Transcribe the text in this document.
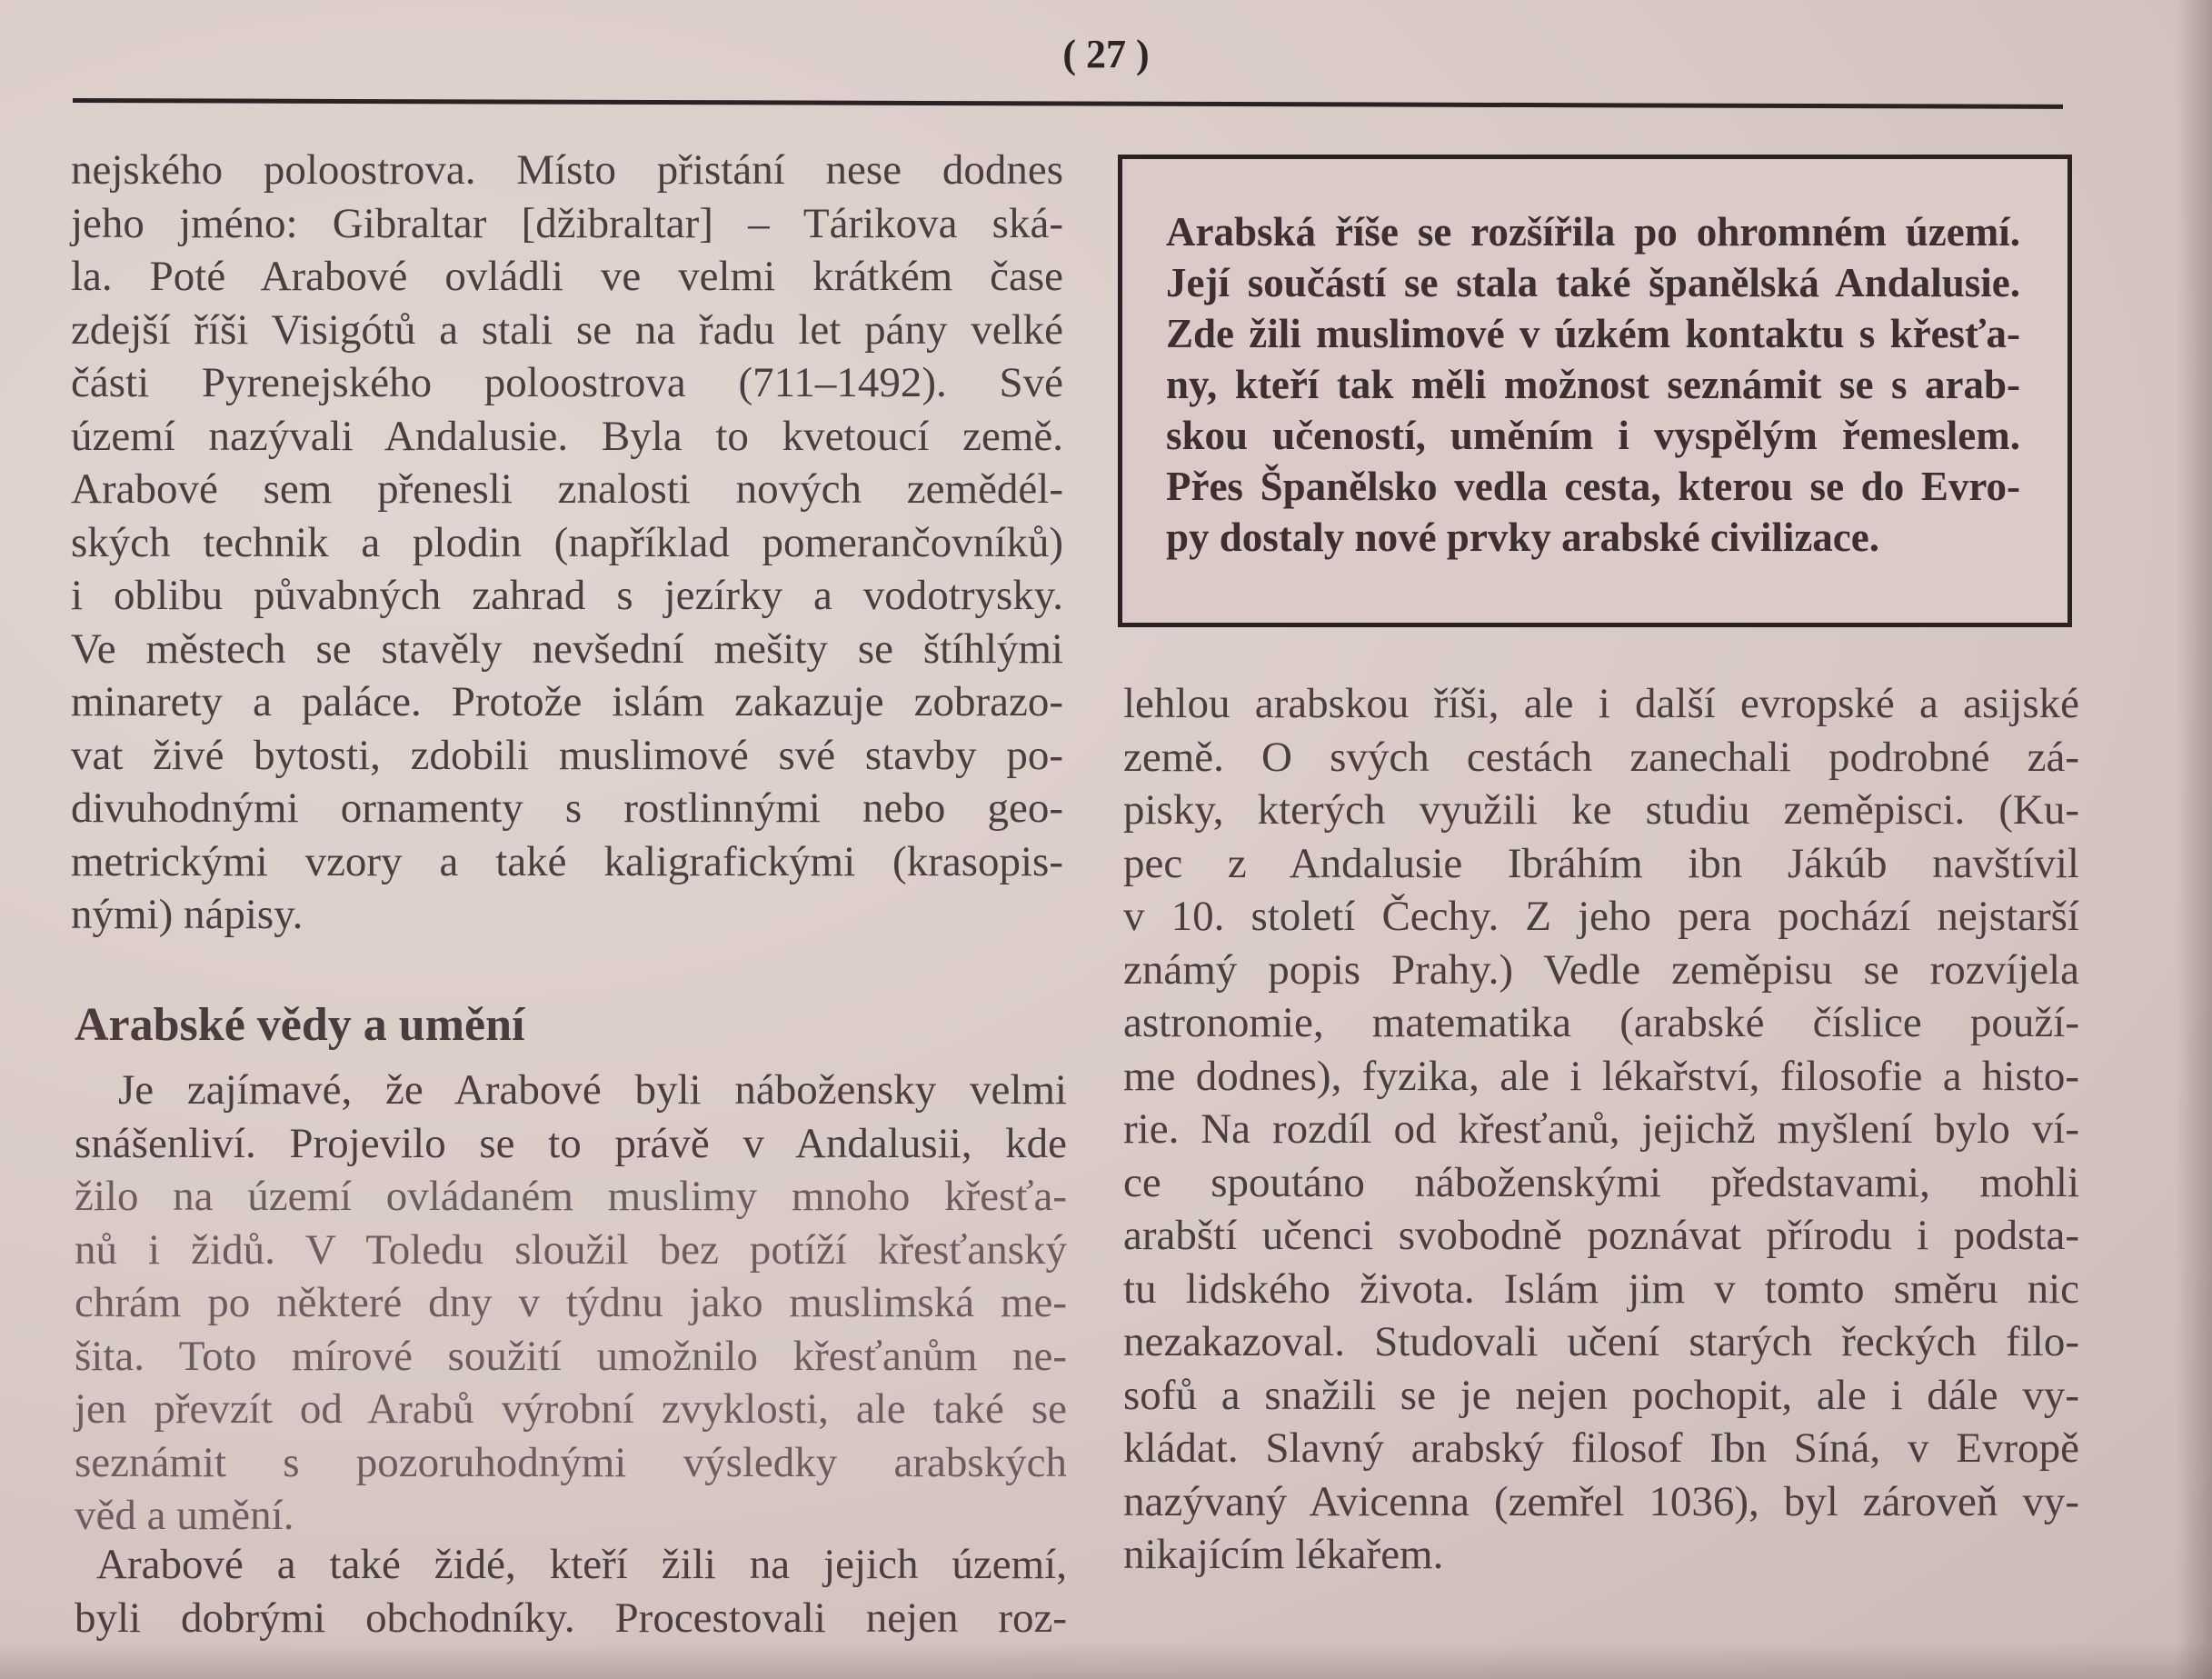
( 27 )
nejského poloostrova. Místo přistání nese dodnes
jeho jméno: Gibraltar [džibraltar] – Tárikova ská-
la. Poté Arabové ovládli ve velmi krátkém čase
zdejší říši Visigótů a stali se na řadu let pány velké
části Pyrenejského poloostrova (711–1492). Své
území nazývali Andalusie. Byla to kvetoucí země.
Arabové sem přenesli znalosti nových zemědél-
ských technik a plodin (například pomerančovníků)
i oblibu půvabných zahrad s jezírky a vodotrysky.
Ve městech se stavěly nevšední mešity se štíhlými
minarety a paláce. Protože islám zakazuje zobrazo-
vat živé bytosti, zdobili muslimové své stavby po-
divuhodnými ornamenty s rostlinnými nebo geo-
metrickými vzory a také kaligrafickými (krasopis-
nými) nápisy.
Arabské vědy a umění
Je zajímavé, že Arabové byli nábožensky velmi
snášenliví. Projevilo se to právě v Andalusii, kde
žilo na území ovládaném muslimy mnoho křesťa-
nů i židů. V Toledu sloužil bez potíží křesťanský
chrám po některé dny v týdnu jako muslimská me-
šita. Toto mírové soužití umožnilo křesťanům ne-
jen převzít od Arabů výrobní zvyklosti, ale také se
seznámit s pozoruhodnými výsledky arabských
věd a umění.
Arabové a také židé, kteří žili na jejich území,
byli dobrými obchodníky. Procestovali nejen roz-
Arabská říše se rozšířila po ohromném území.
Její součástí se stala také španělská Andalusie.
Zde žili muslimové v úzkém kontaktu s křesťa-
ny, kteří tak měli možnost seznámit se s arab-
skou učeností, uměním i vyspělým řemeslem.
Přes Španělsko vedla cesta, kterou se do Evro-
py dostaly nové prvky arabské civilizace.
lehlou arabskou říši, ale i další evropské a asijské
země. O svých cestách zanechali podrobné zá-
pisky, kterých využili ke studiu zeměpisci. (Ku-
pec z Andalusie Ibráhím ibn Jákúb navštívil
v 10. století Čechy. Z jeho pera pochází nejstarší
známý popis Prahy.) Vedle zeměpisu se rozvíjela
astronomie, matematika (arabské číslice použí-
me dodnes), fyzika, ale i lékařství, filosofie a histo-
rie. Na rozdíl od křesťanů, jejichž myšlení bylo ví-
ce spoutáno náboženskými představami, mohli
arabští učenci svobodně poznávat přírodu i podsta-
tu lidského života. Islám jim v tomto směru nic
nezakazoval. Studovali učení starých řeckých filo-
sofů a snažili se je nejen pochopit, ale i dále vy-
kládat. Slavný arabský filosof Ibn Síná, v Evropě
nazývaný Avicenna (zemřel 1036), byl zároveň vy-
nikajícím lékařem.
